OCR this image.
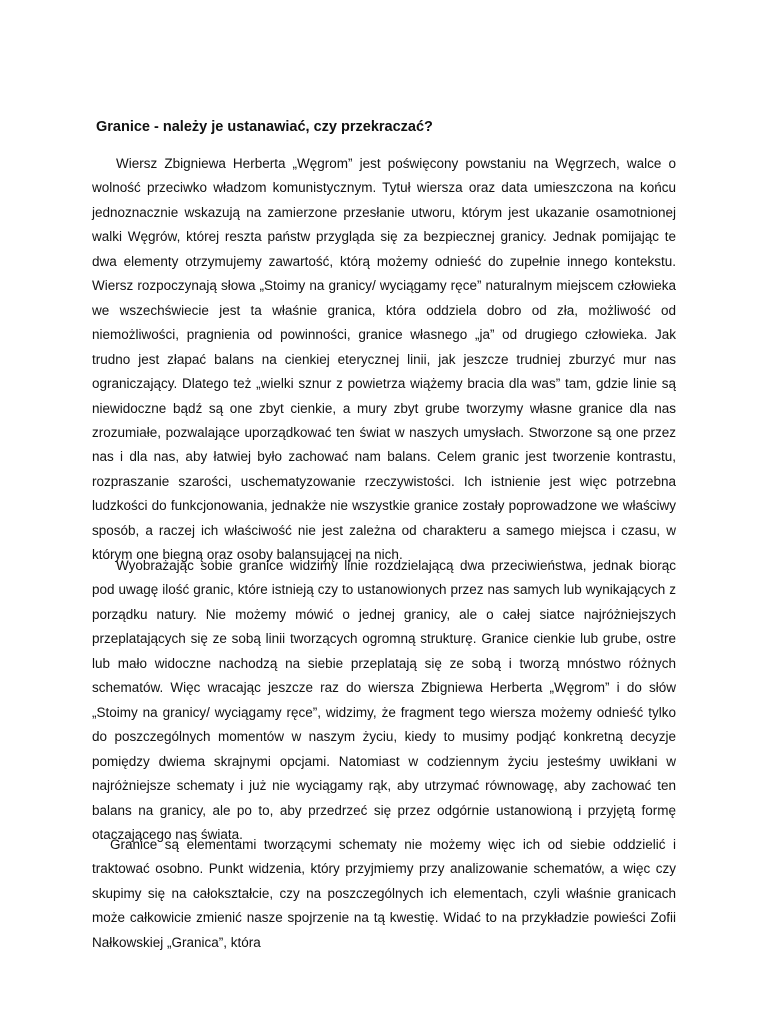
Granice - należy je ustanawiać, czy przekraczać?

Wiersz Zbigniewa Herberta „Węgrom” jest poświęcony powstaniu na Węgrzech, walce o wolność przeciwko władzom komunistycznym. Tytuł wiersza oraz data umieszczona na końcu jednoznacznie wskazują na zamierzone przesłanie utworu, którym jest ukazanie osamotnionej walki Węgrów, której reszta państw przygląda się za bezpiecznej granicy. Jednak pomijając te dwa elementy otrzymujemy zawartość, którą możemy odnieść do zupełnie innego kontekstu. Wiersz rozpoczynają słowa „Stoimy na granicy/ wyciągamy ręce” naturalnym miejscem człowieka we wszechświecie jest ta właśnie granica, która oddziela dobro od zła, możliwość od niemożliwości, pragnienia od powinności, granice własnego „ja” od drugiego człowieka. Jak trudno jest złapać balans na cienkiej eterycznej linii, jak jeszcze trudniej zburzyć mur nas ograniczający. Dlatego też „wielki sznur z powietrza wiążemy bracia dla was” tam, gdzie linie są niewidoczne bądź są one zbyt cienkie, a mury zbyt grube tworzymy własne granice dla nas zrozumiałe, pozwalające uporządkować ten świat w naszych umysłach. Stworzone są one przez nas i dla nas, aby łatwiej było zachować nam balans. Celem granic jest tworzenie kontrastu, rozpraszanie szarości, uschematyzowanie rzeczywistości. Ich istnienie jest więc potrzebna ludzkości do funkcjonowania, jednakże nie wszystkie granice zostały poprowadzone we właściwy sposób, a raczej ich właściwość nie jest zależna od charakteru a samego miejsca i czasu, w którym one biegną oraz osoby balansującej na nich.

Wyobrażając sobie granice widzimy linie rozdzielającą dwa przeciwieństwa, jednak biorąc pod uwagę ilość granic, które istnieją czy to ustanowionych przez nas samych lub wynikających z porządku natury. Nie możemy mówić o jednej granicy, ale o całej siatce najróżniejszych przeplatających się ze sobą linii tworzących ogromną strukturę. Granice cienkie lub grube, ostre lub mało widoczne nachodzą na siebie przeplatają się ze sobą i tworzą mnóstwo różnych schematów. Więc wracając jeszcze raz do wiersza Zbigniewa Herberta „Węgrom” i do słów „Stoimy na granicy/ wyciągamy ręce”, widzimy, że fragment tego wiersza możemy odnieść tylko do poszczególnych momentów w naszym życiu, kiedy to musimy podjąć konkretną decyzje pomiędzy dwiema skrajnymi opcjami. Natomiast w codziennym życiu jesteśmy uwikłani w najróżniejsze schematy i już nie wyciągamy rąk, aby utrzymać równowagę, aby zachować ten balans na granicy, ale po to, aby przedrzeć się przez odgórnie ustanowioną i przyjętą formę otaczającego nas świata.

Granice są elementami tworzącymi schematy nie możemy więc ich od siebie oddzielić i traktować osobno. Punkt widzenia, który przyjmiemy przy analizowanie schematów, a więc czy skupimy się na całokształcie, czy na poszczególnych ich elementach, czyli właśnie granicach może całkowicie zmienić nasze spojrzenie na tą kwestię. Widać to na przykładzie powieści Zofii Nałkowskiej „Granica”, która
